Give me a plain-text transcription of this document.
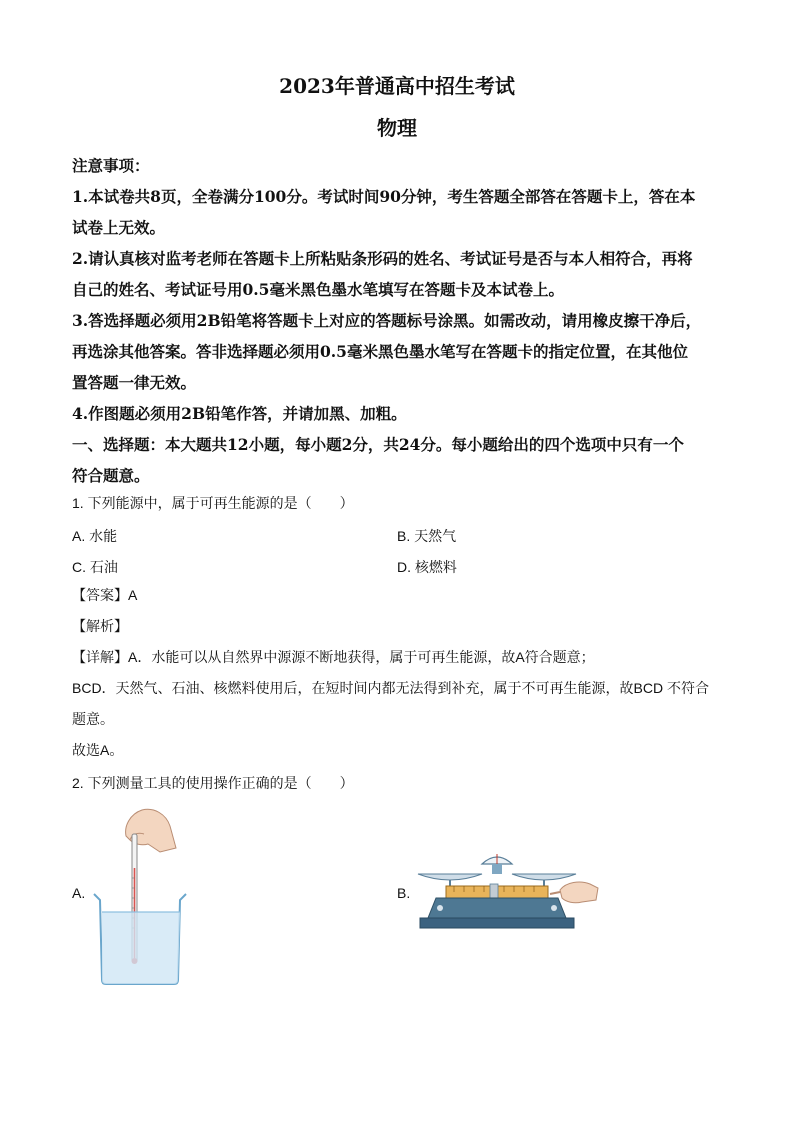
2023年普通高中招生考试
物理

注意事项：

1.本试卷共8页，全卷满分100分。考试时间90分钟，考生答题全部答在答题卡上，答在本

试卷上无效。

2.请认真核对监考老师在答题卡上所粘贴条形码的姓名、考试证号是否与本人相符合，再将

自己的姓名、考试证号用0.5毫米黑色墨水笔填写在答题卡及本试卷上。

3.答选择题必须用2B铅笔将答题卡上对应的答题标号涂黑。如需改动，请用橡皮擦干净后，

再选涂其他答案。答非选择题必须用0.5毫米黑色墨水笔写在答题卡的指定位置，在其他位

置答题一律无效。

4.作图题必须用2B铅笔作答，并请加黑、加粗。

一、选择题：本大题共12小题，每小题2分，共24分。每小题给出的四个选项中只有一个

符合题意。

1. 下列能源中，属于可再生能源的是（　　）

A. 水能	B. 天然气
C. 石油	D. 核燃料

【答案】A

【解析】

【详解】A．水能可以从自然界中源源不断地获得，属于可再生能源，故A符合题意；

BCD．天然气、石油、核燃料使用后，在短时间内都无法得到补充，属于不可再生能源，故BCD 不符合

题意。

故选A。

2. 下列测量工具的使用操作正确的是（　　）

A.	B.
